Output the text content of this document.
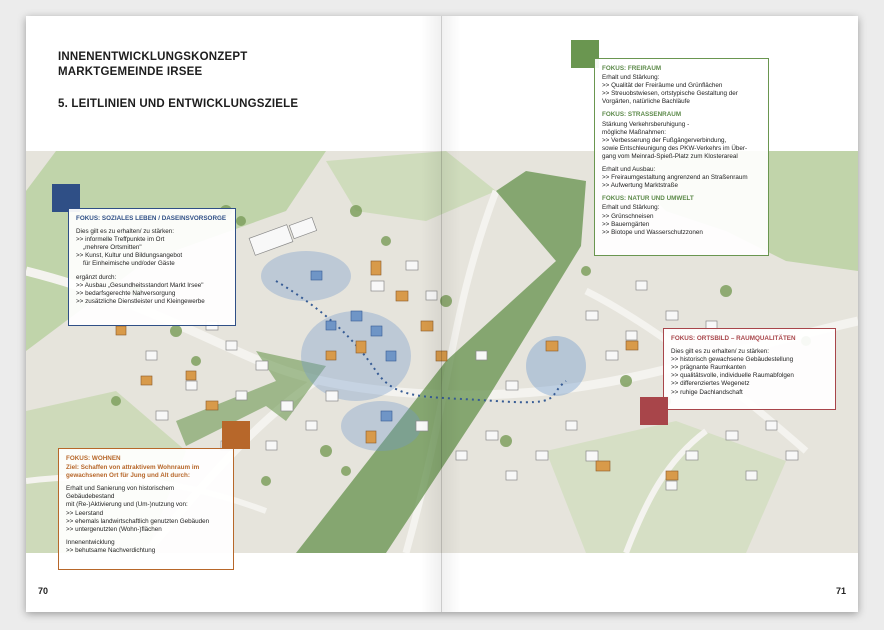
INNENENTWICKLUNGSKONZEPT
MARKTGEMEINDE IRSEE
5. LEITLINIEN UND ENTWICKLUNGSZIELE
FOKUS: SOZIALES LEBEN / DASEINSVORSORGE

Dies gilt es zu erhalten/ zu stärken:
>> informelle Treffpunkte im Ort
„mehrere Ortsmitten"
>> Kunst, Kultur und Bildungsangebot
für Einheimische und/oder Gäste

ergänzt durch:
>> Ausbau „Gesundheitsstandort Markt Irsee"
>> bedarfsgerechte Nahversorgung
>> zusätzliche Dienstleister und Kleingewerbe

FOKUS: WOHNEN

Ziel: Schaffen von attraktivem Wohnraum im
gewachsenen Ort für Jung und Alt durch:

Erhalt und Sanierung von historischem
Gebäudebestand
mit (Re-)Aktivierung und (Um-)nutzung von:
>> Leerstand
>> ehemals landwirtschaftlich genutzten Gebäuden
>> untergenutzten (Wohn-)flächen

Innenentwicklung
>> behutsame Nachverdichtung

FOKUS: FREIRAUM

Erhalt und Stärkung:
>> Qualität der Freiräume und Grünflächen
>> Streuobstwiesen, ortstypische Gestaltung der
Vorgärten, natürliche Bachläufe

FOKUS: STRASSENRAUM

Stärkung Verkehrsberuhigung -
mögliche Maßnahmen:
>> Verbesserung der Fußgängerverbindung,
sowie Entschleunigung des PKW-Verkehrs im Über-
gang vom Meinrad-Spieß-Platz zum Klosterareal

Erhalt und Ausbau:
>> Freiraumgestaltung angrenzend an Straßenraum
>> Aufwertung Marktstraße

FOKUS: NATUR UND UMWELT

Erhalt und Stärkung:
>> Grünschneisen
>> Bauerngärten
>> Biotope und Wasserschutzzonen

FOKUS: ORTSBILD – RAUMQUALITÄTEN

Dies gilt es zu erhalten/ zu stärken:
>> historisch gewachsene Gebäudestellung
>> prägnante Raumkanten
>> qualitätsvolle, individuelle Raumabfolgen
>> differenziertes Wegenetz
>> ruhige Dachlandschaft

70	71
